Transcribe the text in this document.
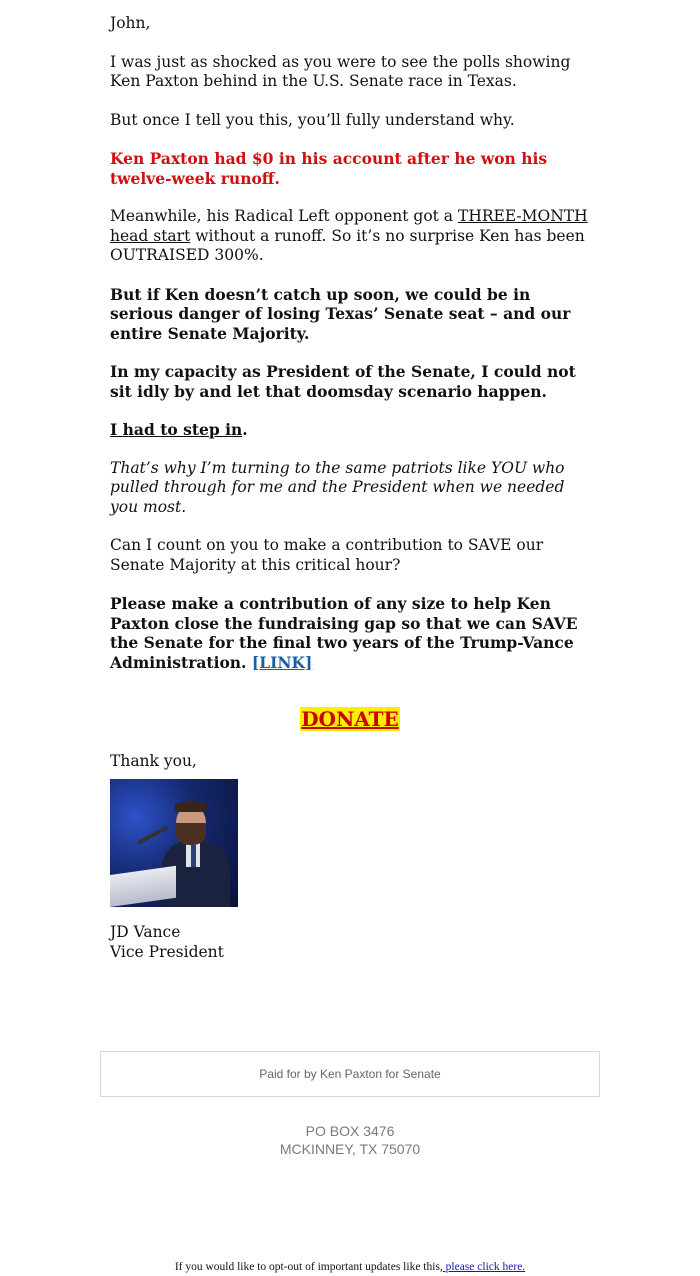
John,

I was just as shocked as you were to see the polls showing Ken Paxton behind in the U.S. Senate race in Texas.

But once I tell you this, you’ll fully understand why.

Ken Paxton had $0 in his account after he won his twelve-week runoff.

Meanwhile, his Radical Left opponent got a THREE-MONTH head start without a runoff. So it’s no surprise Ken has been OUTRAISED 300%.

But if Ken doesn’t catch up soon, we could be in serious danger of losing Texas’ Senate seat – and our entire Senate Majority.

In my capacity as President of the Senate, I could not sit idly by and let that doomsday scenario happen.

I had to step in.

That’s why I’m turning to the same patriots like YOU who pulled through for me and the President when we needed you most.

Can I count on you to make a contribution to SAVE our Senate Majority at this critical hour?

Please make a contribution of any size to help Ken Paxton close the fundraising gap so that we can SAVE the Senate for the final two years of the Trump-Vance Administration. [LINK]

DONATE

Thank you,

JD Vance
Vice President
Paid for by Ken Paxton for Senate
PO BOX 3476
MCKINNEY, TX 75070
If you would like to opt-out of important updates like this, please click here.
